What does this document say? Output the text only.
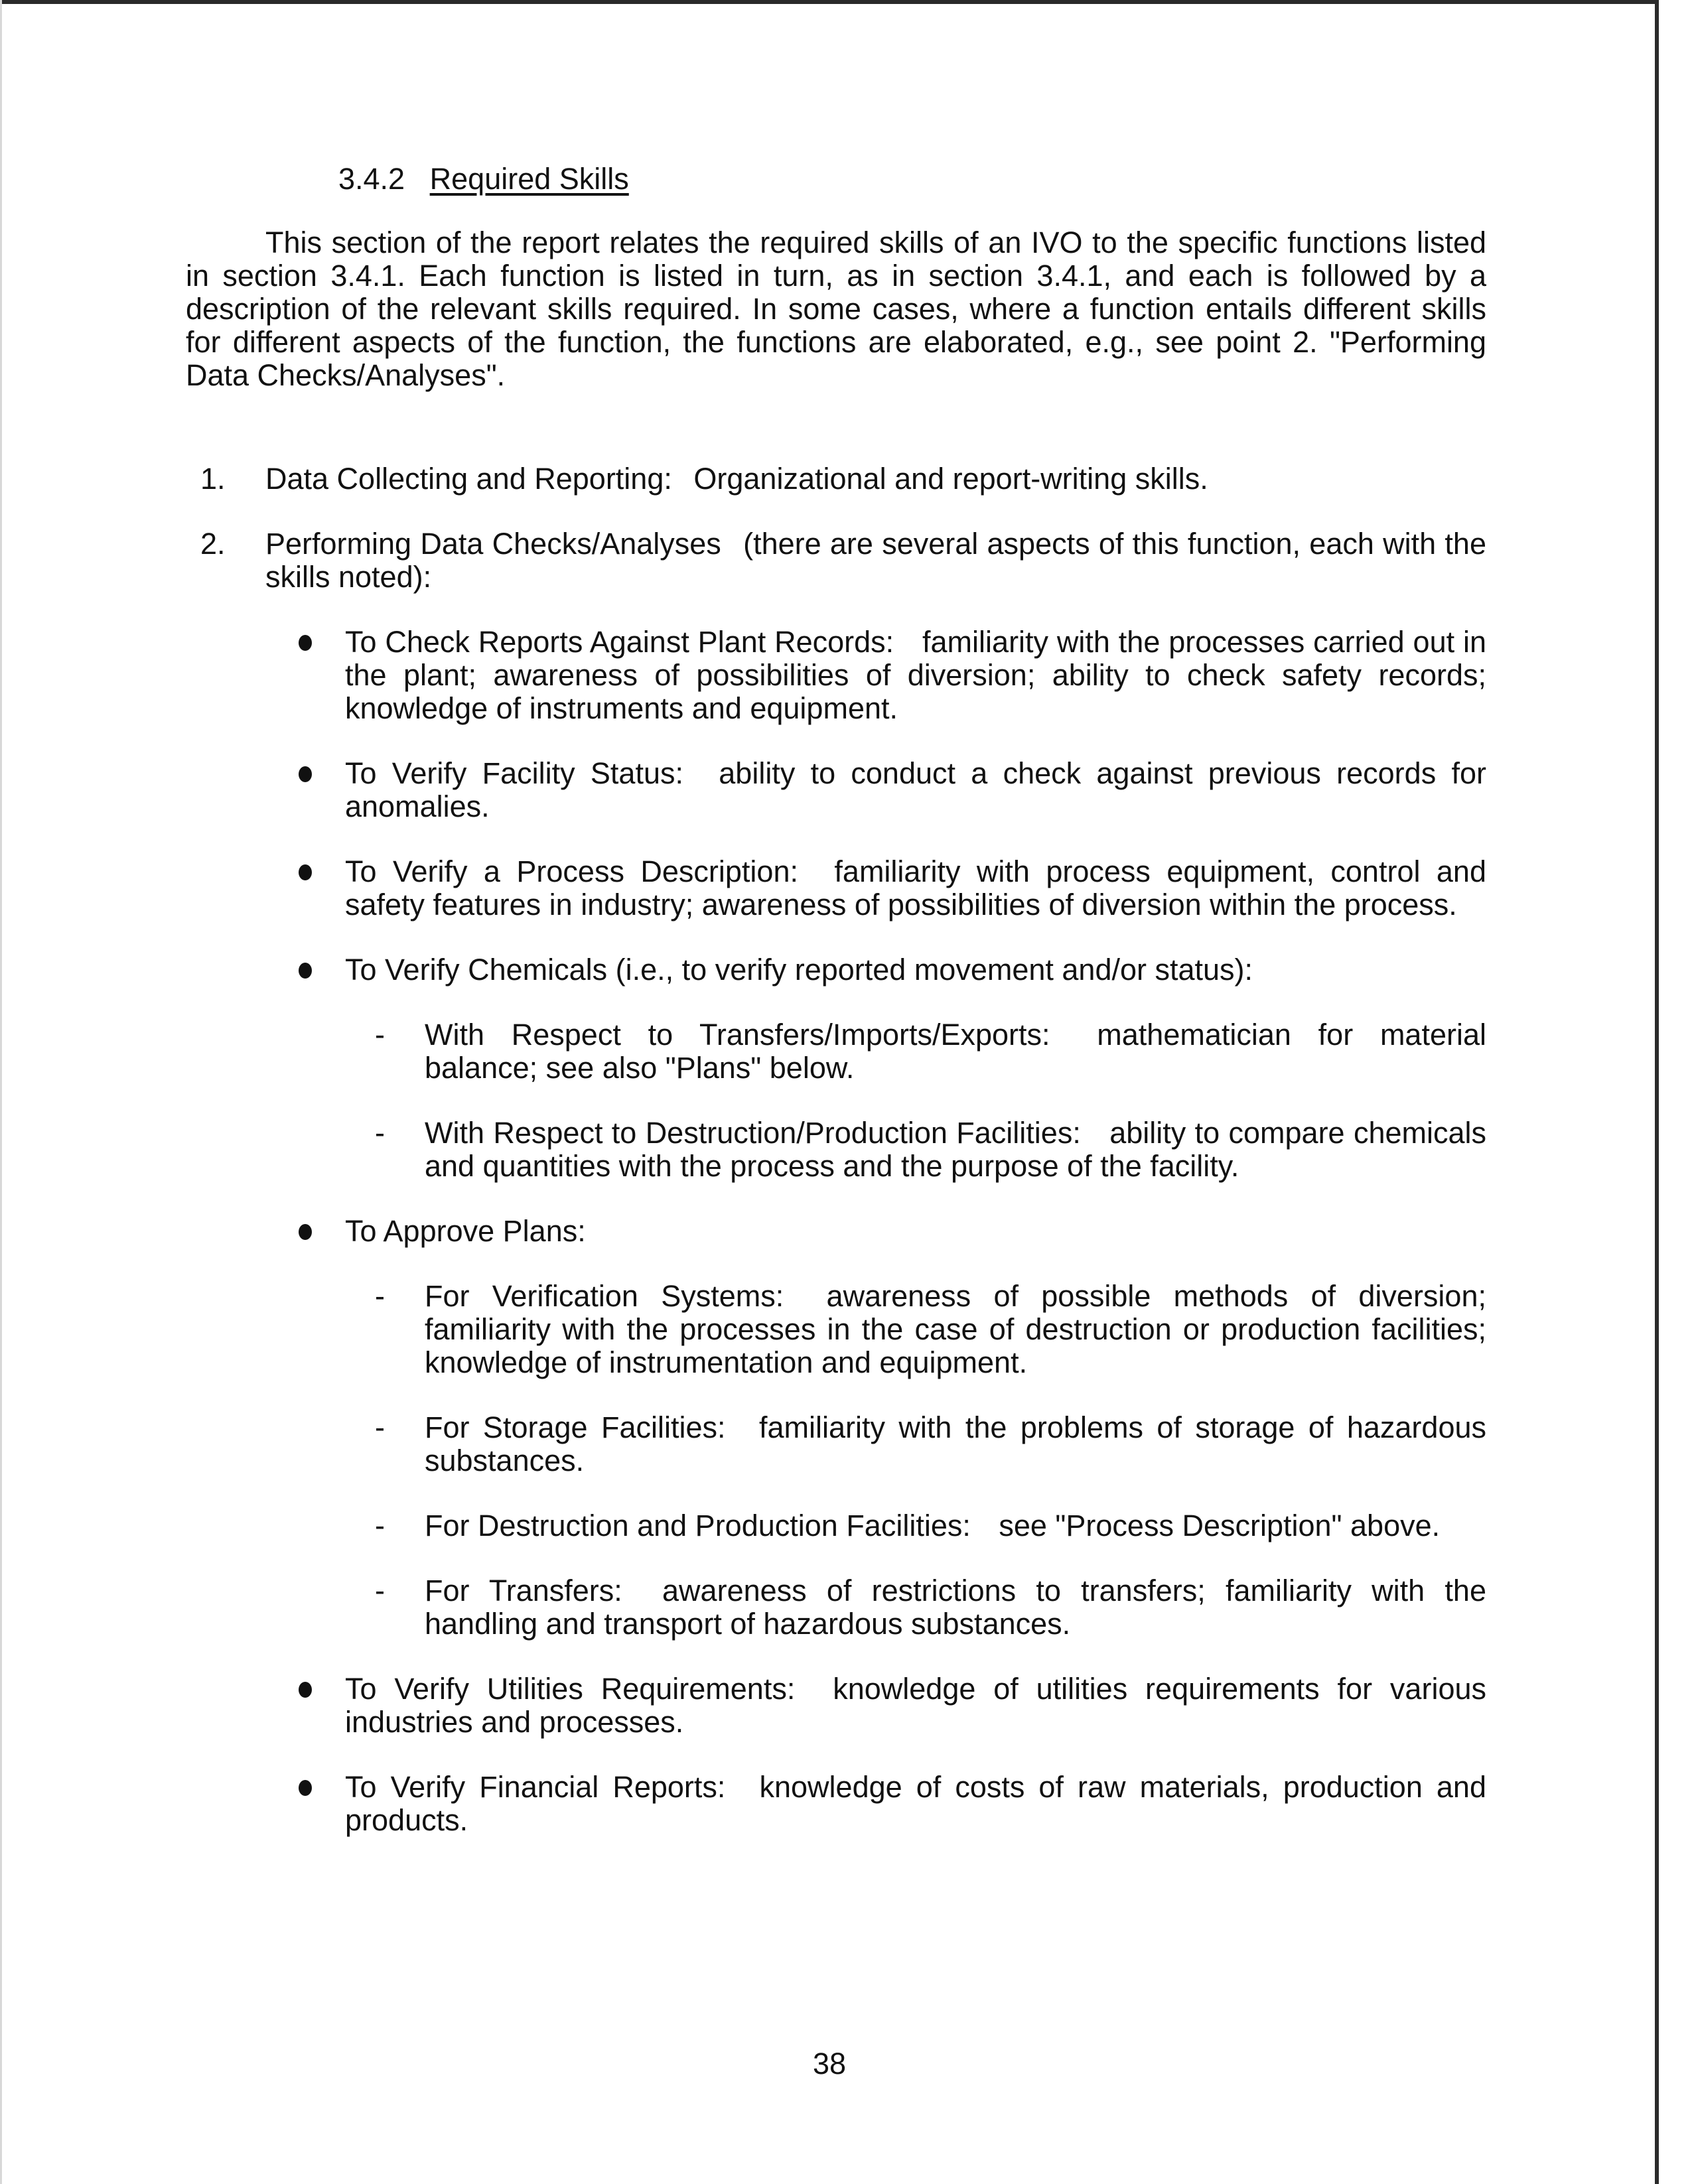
3.4.2 Required Skills

This section of the report relates the required skills of an IVO to the specific functions listed in section 3.4.1. Each function is listed in turn, as in section 3.4.1, and each is followed by a description of the relevant skills required. In some cases, where a function entails different skills for different aspects of the function, the functions are elaborated, e.g., see point 2. "Performing Data Checks/Analyses".

1.	Data Collecting and Reporting: Organizational and report-writing skills.
2.	Performing Data Checks/Analyses (there are several aspects of this function, each with the skills noted):
To Check Reports Against Plant Records: familiarity with the processes carried out in the plant; awareness of possibilities of diversion; ability to check safety records; knowledge of instruments and equipment.
To Verify Facility Status: ability to conduct a check against previous records for anomalies.
To Verify a Process Description: familiarity with process equipment, control and safety features in industry; awareness of possibilities of diversion within the process.
To Verify Chemicals (i.e., to verify reported movement and/or status):
- With Respect to Transfers/Imports/Exports: mathematician for material balance; see also "Plans" below.
- With Respect to Destruction/Production Facilities: ability to compare chemicals and quantities with the process and the purpose of the facility.
To Approve Plans:
- For Verification Systems: awareness of possible methods of diversion; familiarity with the processes in the case of destruction or production facilities; knowledge of instrumentation and equipment.
- For Storage Facilities: familiarity with the problems of storage of hazardous substances.
- For Destruction and Production Facilities: see "Process Description" above.
- For Transfers: awareness of restrictions to transfers; familiarity with the handling and transport of hazardous substances.
To Verify Utilities Requirements: knowledge of utilities requirements for various industries and processes.
To Verify Financial Reports: knowledge of costs of raw materials, production and products.
38
